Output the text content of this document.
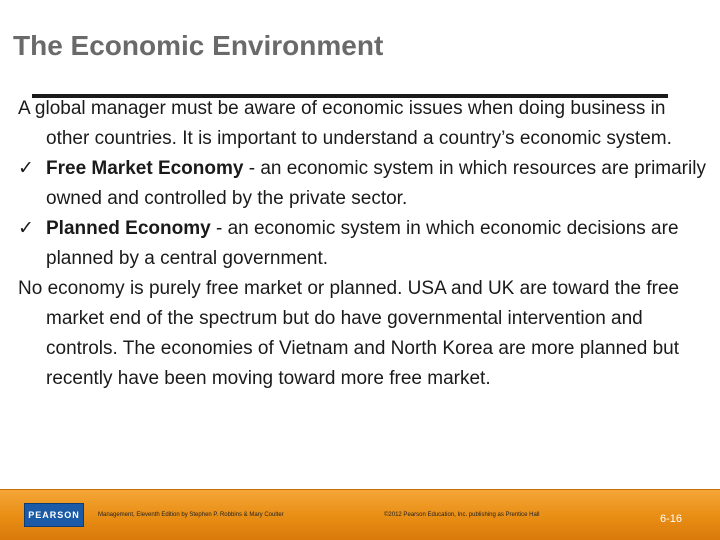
The Economic Environment

A global manager must be aware of economic issues when doing business in other countries. It is important to understand a country’s economic system.

✓ Free Market Economy - an economic system in which resources are primarily owned and controlled by the private sector.

✓ Planned Economy - an economic system in which economic decisions are planned by a central government.

No economy is purely free market or planned. USA and UK are toward the free market end of the spectrum but do have governmental intervention and controls. The economies of Vietnam and North Korea are more planned but recently have been moving toward more free market.

PEARSON	Management, Eleventh Edition by Stephen P. Robbins & Mary Coulter	©2012 Pearson Education, Inc. publishing as Prentice Hall	6-16
